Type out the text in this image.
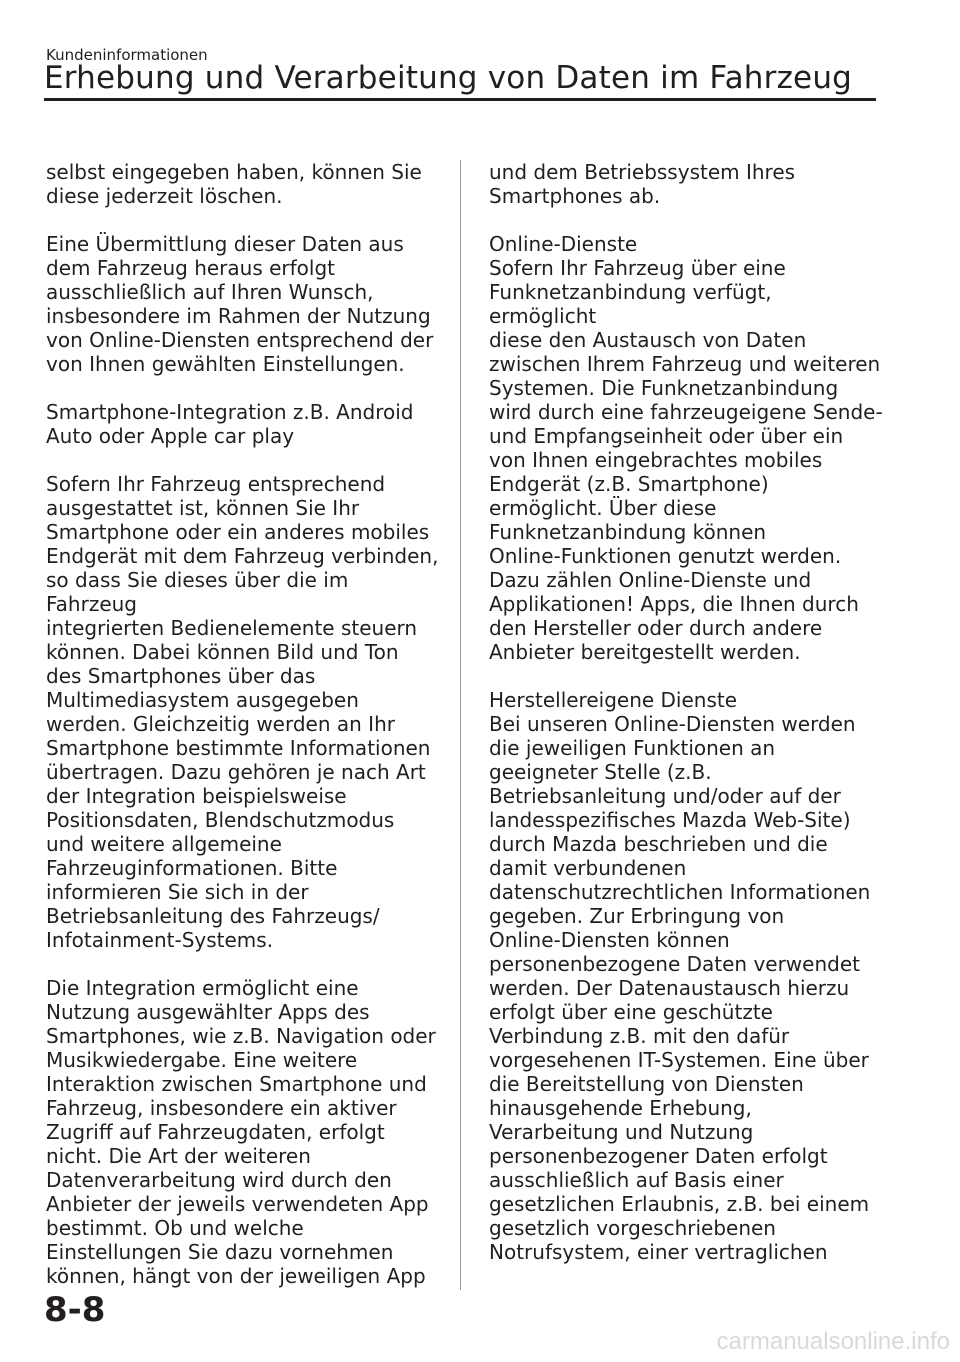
Kundeninformationen
Erhebung und Verarbeitung von Daten im Fahrzeug

selbst eingegeben haben, können Sie
diese jederzeit löschen.

Eine Übermittlung dieser Daten aus
dem Fahrzeug heraus erfolgt
ausschließlich auf Ihren Wunsch,
insbesondere im Rahmen der Nutzung
von Online-Diensten entsprechend der
von Ihnen gewählten Einstellungen.

Smartphone-Integration z.B. Android
Auto oder Apple car play

Sofern Ihr Fahrzeug entsprechend
ausgestattet ist, können Sie Ihr
Smartphone oder ein anderes mobiles
Endgerät mit dem Fahrzeug verbinden,
so dass Sie dieses über die im Fahrzeug
integrierten Bedienelemente steuern
können. Dabei können Bild und Ton
des Smartphones über das
Multimediasystem ausgegeben
werden. Gleichzeitig werden an Ihr
Smartphone bestimmte Informationen
übertragen. Dazu gehören je nach Art
der Integration beispielsweise
Positionsdaten, Blendschutzmodus
und weitere allgemeine
Fahrzeuginformationen. Bitte
informieren Sie sich in der
Betriebsanleitung des Fahrzeugs/
Infotainment-Systems.

Die Integration ermöglicht eine
Nutzung ausgewählter Apps des
Smartphones, wie z.B. Navigation oder
Musikwiedergabe. Eine weitere
Interaktion zwischen Smartphone und
Fahrzeug, insbesondere ein aktiver
Zugriff auf Fahrzeugdaten, erfolgt
nicht. Die Art der weiteren
Datenverarbeitung wird durch den
Anbieter der jeweils verwendeten App
bestimmt. Ob und welche
Einstellungen Sie dazu vornehmen
können, hängt von der jeweiligen App

und dem Betriebssystem Ihres
Smartphones ab.

Online-Dienste
Sofern Ihr Fahrzeug über eine
Funknetzanbindung verfügt, ermöglicht
diese den Austausch von Daten
zwischen Ihrem Fahrzeug und weiteren
Systemen. Die Funknetzanbindung
wird durch eine fahrzeugeigene Sende-
und Empfangseinheit oder über ein
von Ihnen eingebrachtes mobiles
Endgerät (z.B. Smartphone)
ermöglicht. Über diese
Funknetzanbindung können
Online-Funktionen genutzt werden.
Dazu zählen Online-Dienste und
Applikationen! Apps, die Ihnen durch
den Hersteller oder durch andere
Anbieter bereitgestellt werden.

Herstellereigene Dienste
Bei unseren Online-Diensten werden
die jeweiligen Funktionen an
geeigneter Stelle (z.B.
Betriebsanleitung und/oder auf der
landesspezifisches Mazda Web-Site)
durch Mazda beschrieben und die
damit verbundenen
datenschutzrechtlichen Informationen
gegeben. Zur Erbringung von
Online-Diensten können
personenbezogene Daten verwendet
werden. Der Datenaustausch hierzu
erfolgt über eine geschützte
Verbindung z.B. mit den dafür
vorgesehenen IT-Systemen. Eine über
die Bereitstellung von Diensten
hinausgehende Erhebung,
Verarbeitung und Nutzung
personenbezogener Daten erfolgt
ausschließlich auf Basis einer
gesetzlichen Erlaubnis, z.B. bei einem
gesetzlich vorgeschriebenen
Notrufsystem, einer vertraglichen

8-8
carmanualsonline.info
